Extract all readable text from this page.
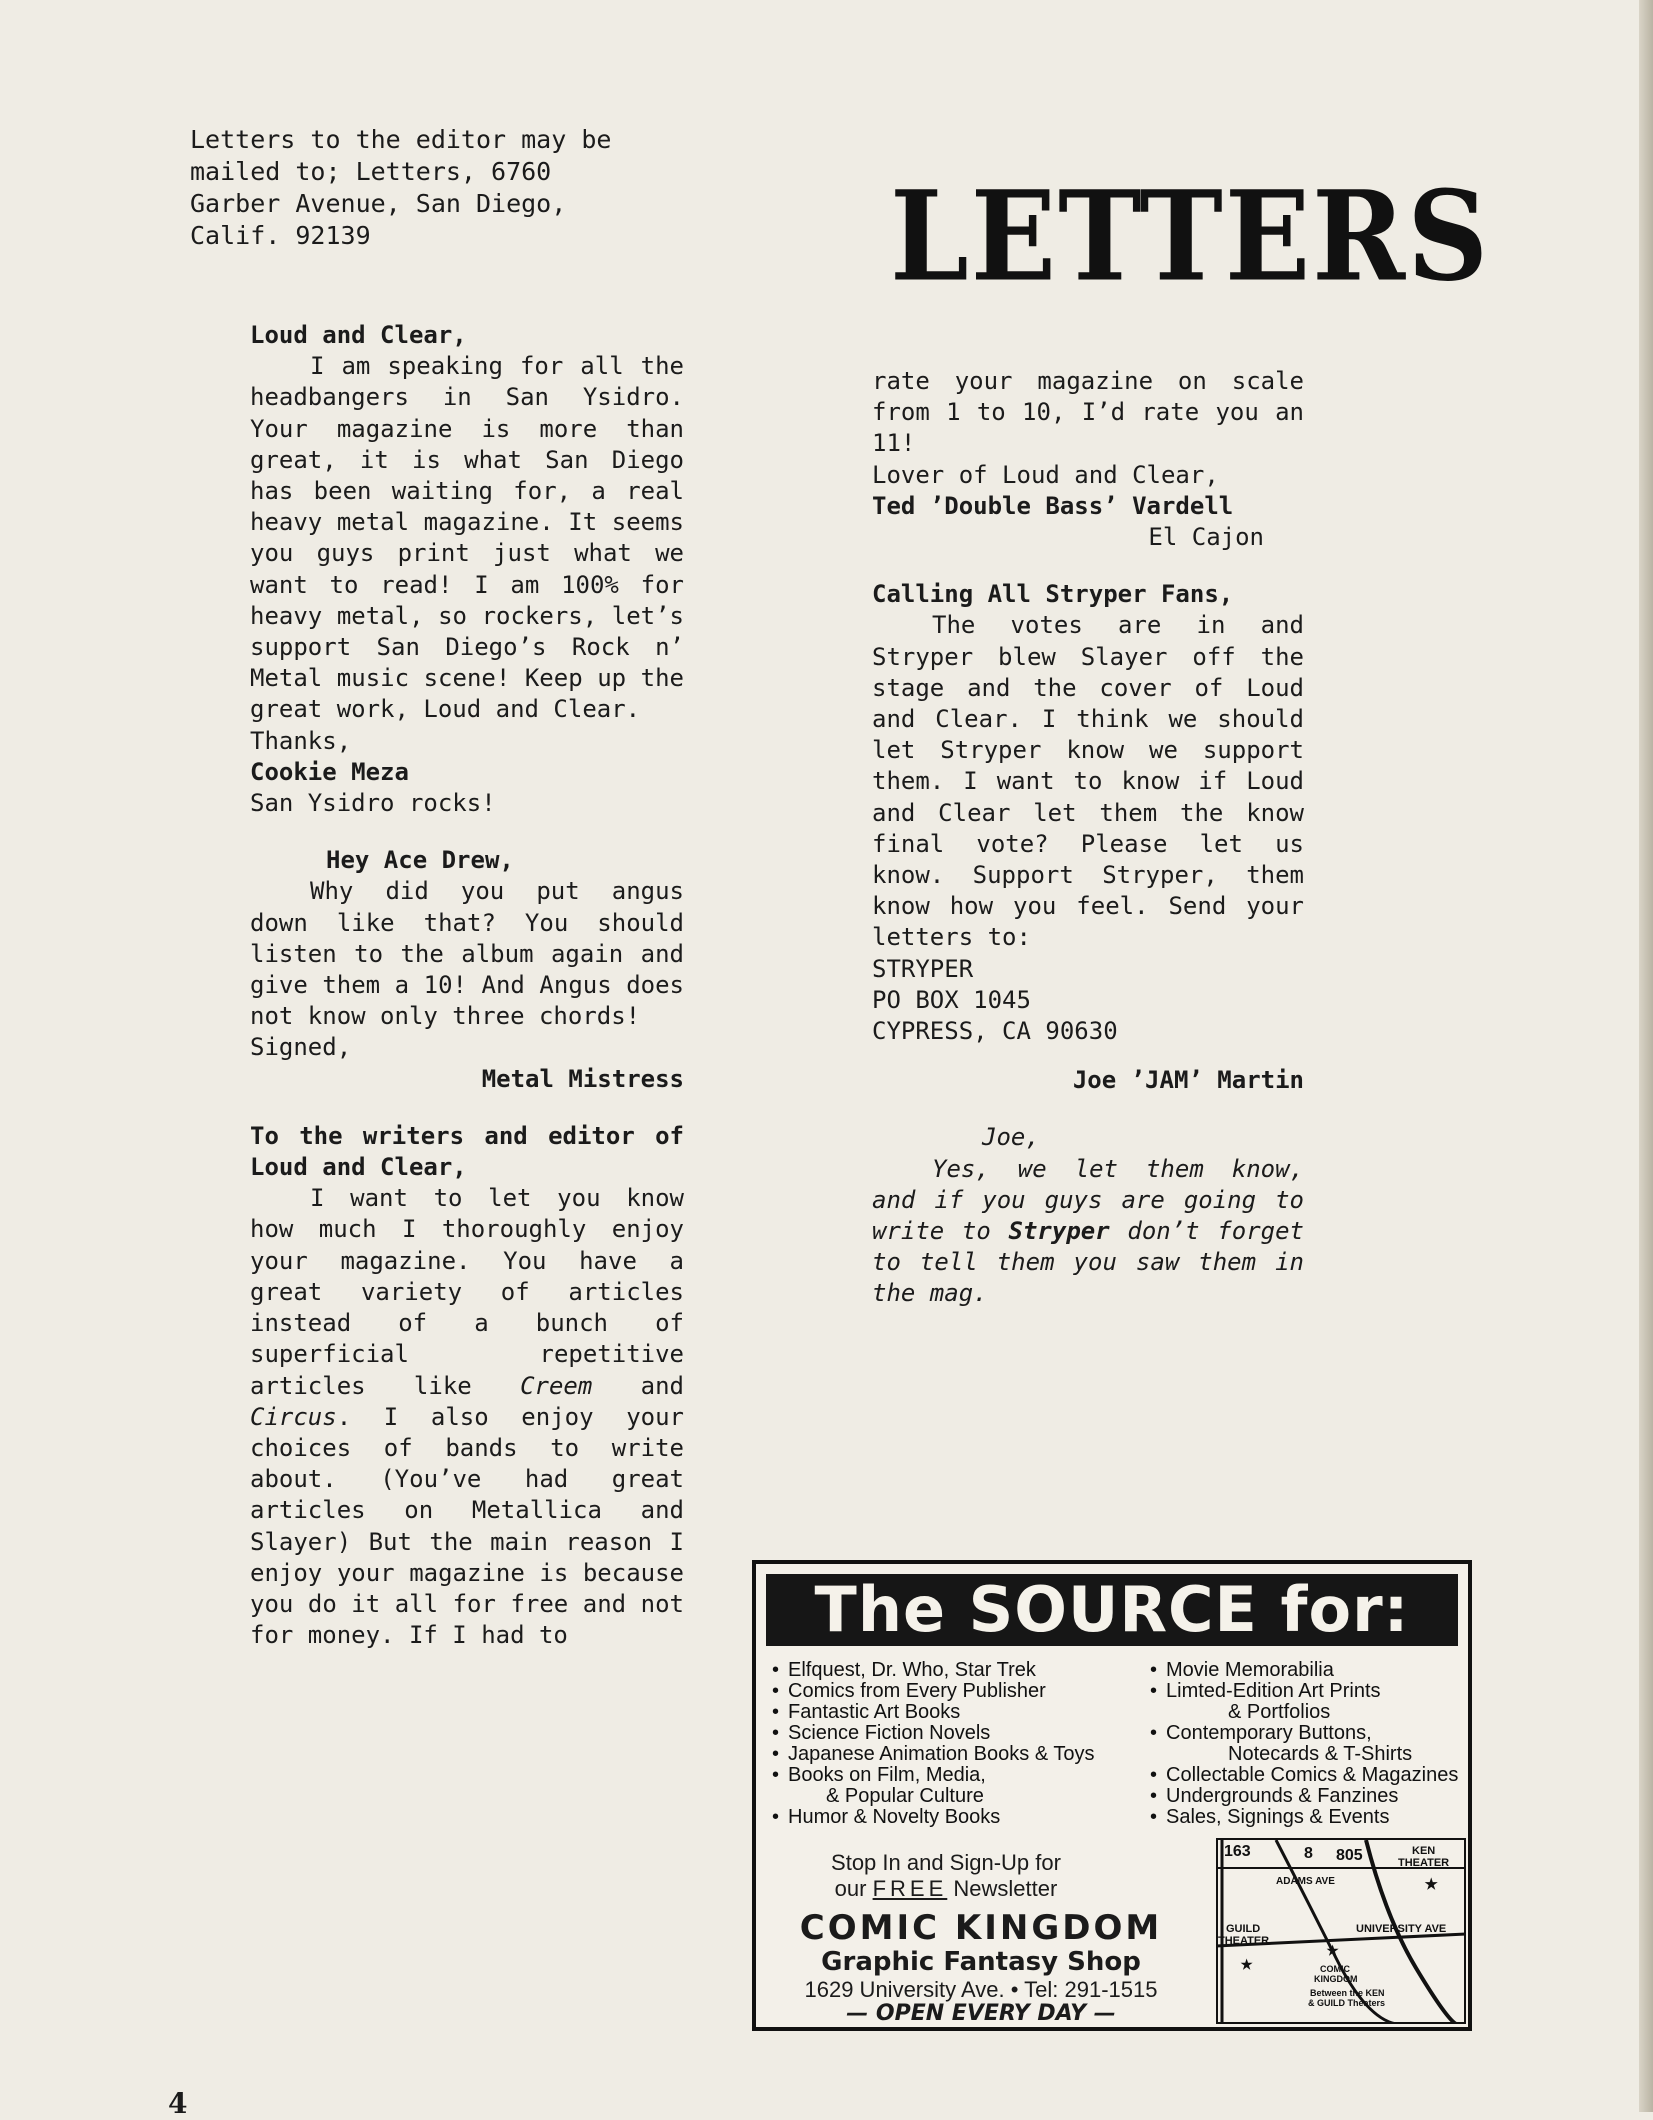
Letters to the editor may be
mailed to; Letters, 6760
Garber Avenue, San Diego,
Calif. 92139	LETTERS

Loud and Clear,

I am speaking for all the headbangers in San Ysidro. Your magazine is more than great, it is what San Diego has been waiting for, a real heavy metal magazine. It seems you guys print just what we want to read! I am 100% for heavy metal, so rockers, let’s support San Diego’s Rock n’ Metal music scene! Keep up the great work, Loud and Clear.

Thanks,

Cookie Meza

San Ysidro rocks!

Hey Ace Drew,

Why did you put angus down like that? You should listen to the album again and give them a 10! And Angus does not know only three chords!

Signed,

Metal Mistress

To the writers and editor of Loud and Clear,

I want to let you know how much I thoroughly enjoy your magazine. You have a great variety of articles instead of a bunch of superficial repetitive articles like Creem and Circus. I also enjoy your choices of bands to write about. (You’ve had great articles on Metallica and Slayer) But the main reason I enjoy your magazine is because you do it all for free and not for money. If I had to

rate your magazine on scale from 1 to 10, I’d rate you an 11!

Lover of Loud and Clear,

Ted ’Double Bass’ Vardell

El Cajon

Calling All Stryper Fans,

The votes are in and Stryper blew Slayer off the stage and the cover of Loud and Clear. I think we should let Stryper know we support them. I want to know if Loud and Clear let them the know final vote? Please let us know. Support Stryper, them know how you feel. Send your letters to:

STRYPER

PO BOX 1045

CYPRESS, CA 90630

Joe ’JAM’ Martin

Joe,

Yes, we let them know, and if you guys are going to write to Stryper don’t forget to tell them you saw them in the mag.

The SOURCE for:
• Elfquest, Dr. Who, Star Trek
• Comics from Every Publisher
• Fantastic Art Books
• Science Fiction Novels
• Japanese Animation Books & Toys
• Books on Film, Media,
& Popular Culture
• Humor & Novelty Books
• Movie Memorabilia
• Limted-Edition Art Prints
& Portfolios
• Contemporary Buttons,
Notecards & T-Shirts
• Collectable Comics & Magazines
• Undergrounds & Fanzines
• Sales, Signings & Events
Stop In and Sign-Up for
our FREE Newsletter
COMIC KINGDOM
Graphic Fantasy Shop
1629 University Ave. • Tel: 291-1515
— OPEN EVERY DAY —
163	8 805	KEN
THEATER
ADAMS AVE
UNIVERSITY AVE
GUILD
THEATER
COMIC
KINGDOM
Between the KEN
& GUILD Theaters
★
★
★
4
